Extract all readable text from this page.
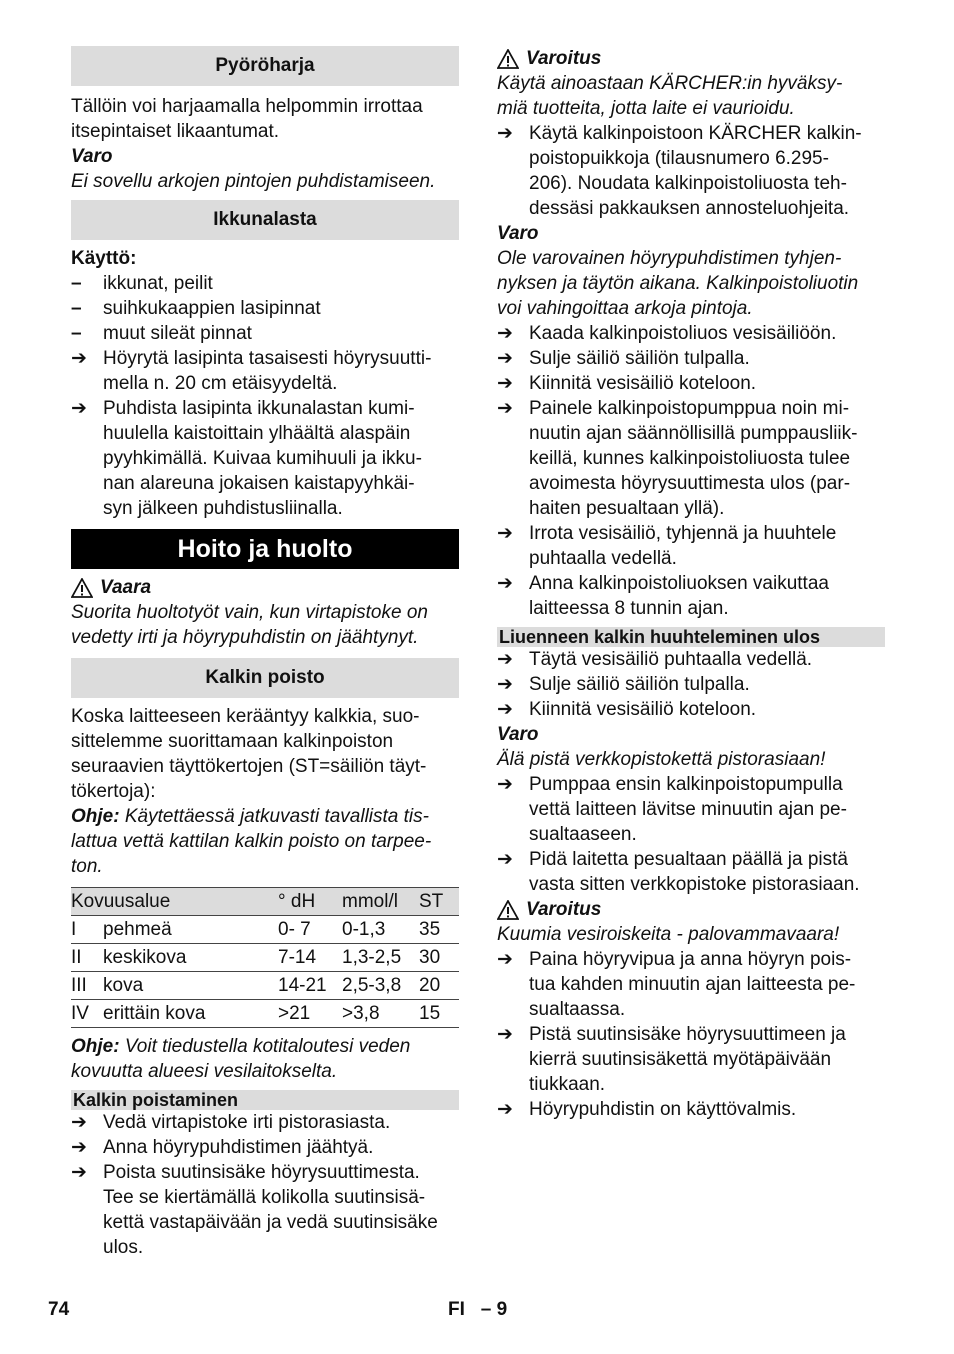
Pyöröharja

Tällöin voi harjaamalla helpommin irrottaa
itsepintaiset likaantumat.

Varo

Ei sovellu arkojen pintojen puhdistamiseen.

Ikkunalasta

Käyttö:

–	ikkunat, peilit
–	suihkukaappien lasipinnat
–	muut sileät pinnat
➔ Höyrytä lasipinta tasaisesti höyrysuutti-
mella n. 20 cm etäisyydeltä.
➔ Puhdista lasipinta ikkunalastan kumi-
huulella kaistoittain ylhäältä alaspäin
pyyhkimällä. Kuivaa kumihuuli ja ikku-
nan alareuna jokaisen kaistapyyhkäi-
syn jälkeen puhdistusliinalla.
Hoito ja huolto
Vaara

Suorita huoltotyöt vain, kun virtapistoke on
vedetty irti ja höyrypuhdistin on jäähtynyt.

Kalkin poisto

Koska laitteeseen kerääntyy kalkkia, suo-
sittelemme suorittamaan kalkinpoiston
seuraavien täyttökertojen (ST=säiliön täyt-
tökertoja):

Ohje: Käytettäessä jatkuvasti tavallista tis-
lattua vettä kattilan kalkin poisto on tarpee-
ton.

Kovuusalue		° dH	mmol/l	ST
I	pehmeä	0- 7	0-1,3	35
II	keskikova	7-14	1,3-2,5	30
III	kova	14-21	2,5-3,8	20
IV	erittäin kova	>21	>3,8	15

Ohje: Voit tiedustella kotitaloutesi veden
kovuutta alueesi vesilaitokselta.

Kalkin poistaminen
➔ Vedä virtapistoke irti pistorasiasta.
➔ Anna höyrypuhdistimen jäähtyä.
➔ Poista suutinsisäke höyrysuuttimesta.
Tee se kiertämällä kolikolla suutinsisä-
kettä vastapäivään ja vedä suutinsisäke
ulos.
Varoitus

Käytä ainoastaan KÄRCHER:in hyväksy-
miä tuotteita, jotta laite ei vaurioidu.

➔ Käytä kalkinpoistoon KÄRCHER kalkin-
poistopuikkoja (tilausnumero 6.295-
206). Noudata kalkinpoistoliuosta teh-
dessäsi pakkauksen annosteluohjeita.

Varo

Ole varovainen höyrypuhdistimen tyhjen-
nyksen ja täytön aikana. Kalkinpoistoliuotin
voi vahingoittaa arkoja pintoja.

➔ Kaada kalkinpoistoliuos vesisäiliöön.
➔ Sulje säiliö säiliön tulpalla.
➔ Kiinnitä vesisäiliö koteloon.
➔ Painele kalkinpoistopumppua noin mi-
nuutin ajan säännöllisillä pumppausliik-
keillä, kunnes kalkinpoistoliuosta tulee
avoimesta höyrysuuttimesta ulos (par-
haiten pesualtaan yllä).
➔ Irrota vesisäiliö, tyhjennä ja huuhtele
puhtaalla vedellä.
➔ Anna kalkinpoistoliuoksen vaikuttaa
laitteessa 8 tunnin ajan.
Liuenneen kalkin huuhteleminen ulos
➔ Täytä vesisäiliö puhtaalla vedellä.
➔ Sulje säiliö säiliön tulpalla.
➔ Kiinnitä vesisäiliö koteloon.

Varo

Älä pistä verkkopistokettä pistorasiaan!

➔ Pumppaa ensin kalkinpoistopumpulla
vettä laitteen lävitse minuutin ajan pe-
sualtaaseen.
➔ Pidä laitetta pesualtaan päällä ja pistä
vasta sitten verkkopistoke pistorasiaan.
Varoitus

Kuumia vesiroiskeita - palovammavaara!

➔ Paina höyryvipua ja anna höyryn pois-
tua kahden minuutin ajan laitteesta pe-
sualtaassa.
➔ Pistä suutinsisäke höyrysuuttimeen ja
kierrä suutinsisäkettä myötäpäivään
tiukkaan.
➔ Höyrypuhdistin on käyttövalmis.
74	FI   – 9
